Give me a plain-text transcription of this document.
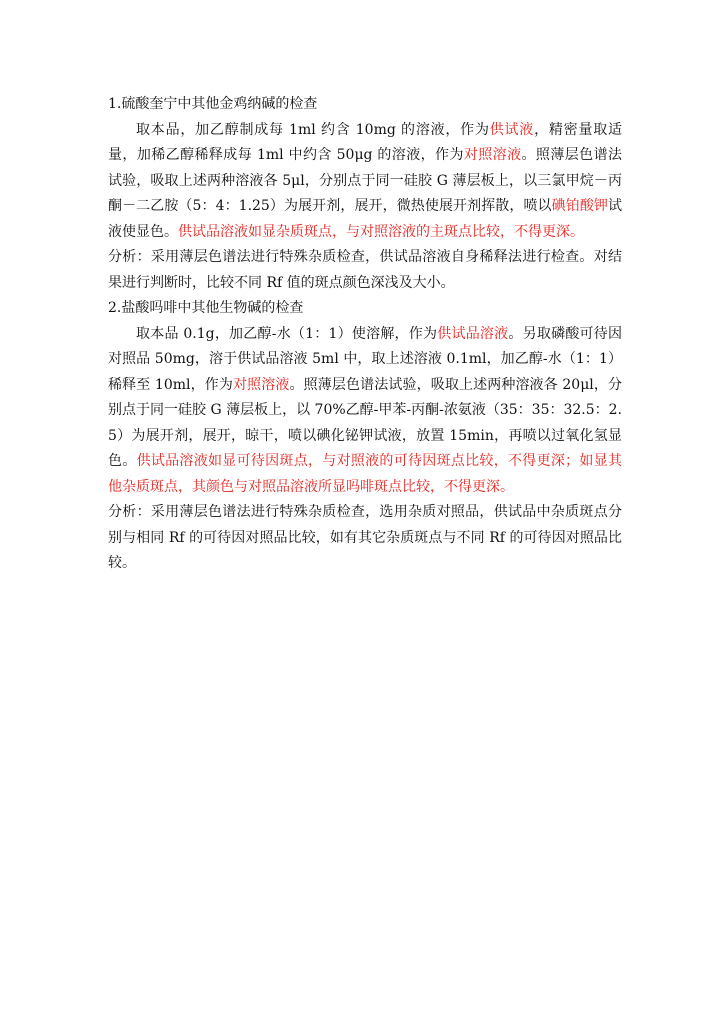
1.硫酸奎宁中其他金鸡纳碱的检查

取本品，加乙醇制成每 1ml 约含 10mg 的溶液，作为供试液，精密量取适量，加稀乙醇稀释成每 1ml 中约含 50μg 的溶液，作为对照溶液。照薄层色谱法试验，吸取上述两种溶液各 5μl，分别点于同一硅胶 G 薄层板上，以三氯甲烷－丙酮－二乙胺（5：4：1.25）为展开剂，展开，微热使展开剂挥散，喷以碘铂酸钾试液使显色。供试品溶液如显杂质斑点，与对照溶液的主斑点比较，不得更深。

分析：采用薄层色谱法进行特殊杂质检查，供试品溶液自身稀释法进行检查。对结果进行判断时，比较不同 Rf 值的斑点颜色深浅及大小。

2.盐酸吗啡中其他生物碱的检查

取本品 0.1g，加乙醇-水（1：1）使溶解，作为供试品溶液。另取磷酸可待因对照品 50mg，溶于供试品溶液 5ml 中，取上述溶液 0.1ml，加乙醇-水（1：1）稀释至 10ml，作为对照溶液。照薄层色谱法试验，吸取上述两种溶液各 20μl，分别点于同一硅胶 G 薄层板上，以 70%乙醇-甲苯-丙酮-浓氨液（35：35：32.5：2.5）为展开剂，展开，晾干，喷以碘化铋钾试液，放置 15min，再喷以过氧化氢显色。供试品溶液如显可待因斑点，与对照液的可待因斑点比较，不得更深；如显其他杂质斑点，其颜色与对照品溶液所显吗啡斑点比较，不得更深。

分析：采用薄层色谱法进行特殊杂质检查，选用杂质对照品，供试品中杂质斑点分别与相同 Rf 的可待因对照品比较，如有其它杂质斑点与不同 Rf 的可待因对照品比较。
